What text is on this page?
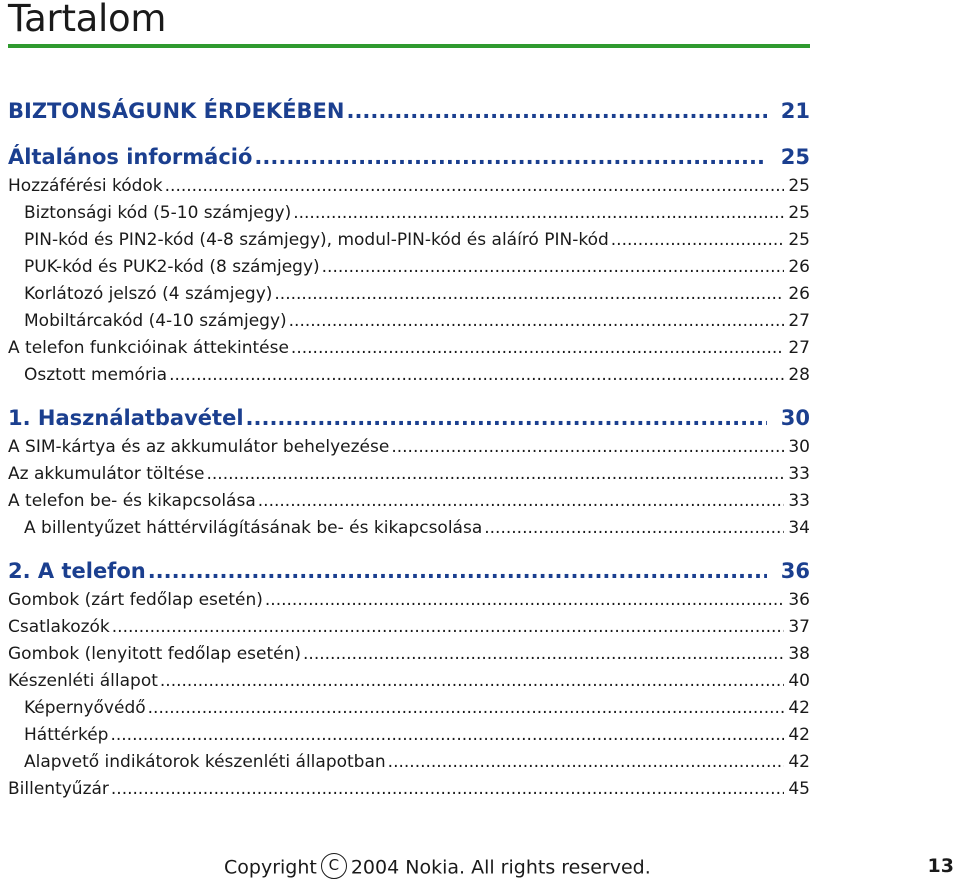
Tartalom
BIZTONSÁGUNK ÉRDEKÉBEN .....	21
Általános információ .....	25
Hozzáférési kódok .....	25
Biztonsági kód (5-10 számjegy) .....	25
PIN-kód és PIN2-kód (4-8 számjegy), modul-PIN-kód és aláíró PIN-kód .....	25
PUK-kód és PUK2-kód (8 számjegy) .....	26
Korlátozó jelszó (4 számjegy) .....	26
Mobiltárcakód (4-10 számjegy) .....	27
A telefon funkcióinak áttekintése .....	27
Osztott memória .....	28
1. Használatbavétel .....	30
A SIM-kártya és az akkumulátor behelyezése .....	30
Az akkumulátor töltése .....	33
A telefon be- és kikapcsolása .....	33
A billentyűzet háttérvilágításának be- és kikapcsolása .....	34
2. A telefon .....	36
Gombok (zárt fedőlap esetén) .....	36
Csatlakozók .....	37
Gombok (lenyitott fedőlap esetén) .....	38
Készenléti állapot .....	40
Képernyővédő .....	42
Háttérkép .....	42
Alapvető indikátorok készenléti állapotban .....	42
Billentyűzár .....	45
Copyright C 2004 Nokia. All rights reserved.	13
